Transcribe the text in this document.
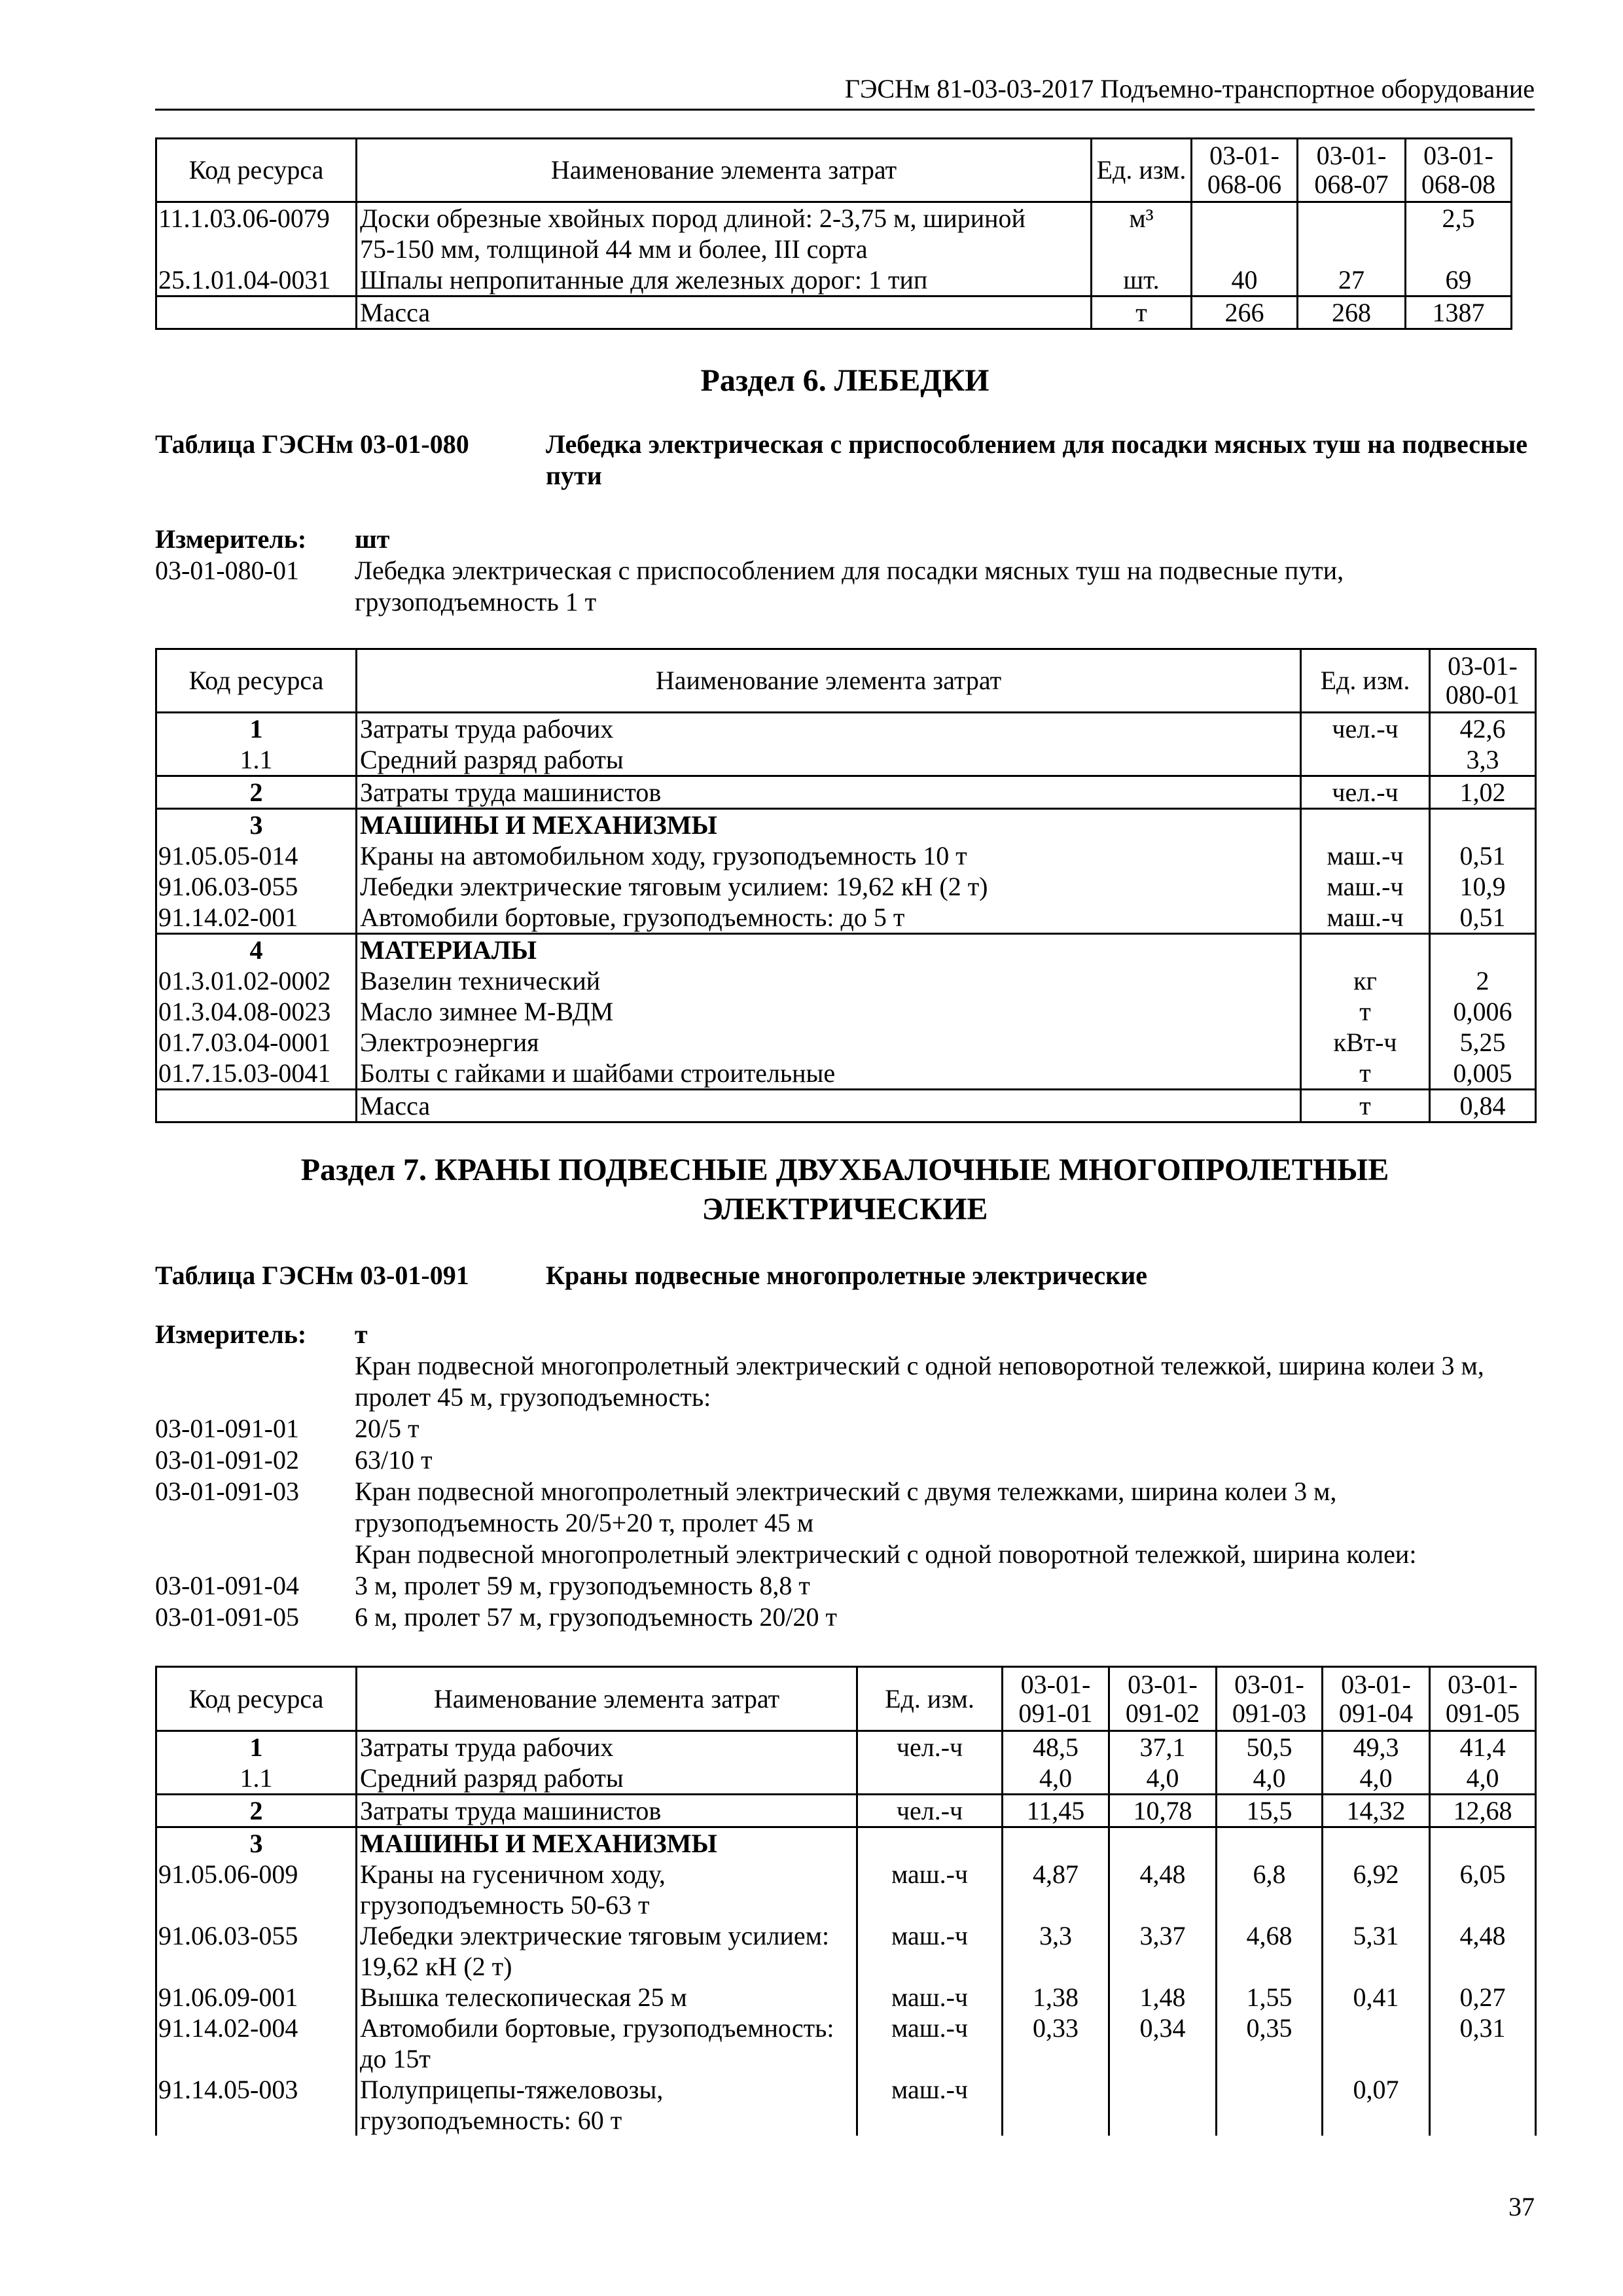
ГЭСНм 81-03-03-2017 Подъемно-транспортное оборудование
Код ресурса	Наименование элемента затрат	Ед. изм.	03-01-068-06	03-01-068-07	03-01-068-08
11.1.03.06-0079	Доски обрезные хвойных пород длиной: 2-3,75 м, шириной	м³			2,5
	75-150 мм, толщиной 44 мм и более, III сорта				
25.1.01.04-0031	Шпалы непропитанные для железных дорог: 1 тип	шт.	40	27	69
	Масса	т	266	268	1387
Раздел 6. ЛЕБЕДКИ
Таблица ГЭСНм 03-01-080	Лебедка электрическая с приспособлением для посадки мясных туш на подвесные пути
Измеритель: шт
03-01-080-01 Лебедка электрическая с приспособлением для посадки мясных туш на подвесные пути, грузоподъемность 1 т
Код ресурса	Наименование элемента затрат	Ед. изм.	03-01-080-01
1	Затраты труда рабочих	чел.-ч	42,6
1.1	Средний разряд работы		3,3
2	Затраты труда машинистов	чел.-ч	1,02
3	МАШИНЫ И МЕХАНИЗМЫ		
91.05.05-014	Краны на автомобильном ходу, грузоподъемность 10 т	маш.-ч	0,51
91.06.03-055	Лебедки электрические тяговым усилием: 19,62 кН (2 т)	маш.-ч	10,9
91.14.02-001	Автомобили бортовые, грузоподъемность: до 5 т	маш.-ч	0,51
4	МАТЕРИАЛЫ		
01.3.01.02-0002	Вазелин технический	кг	2
01.3.04.08-0023	Масло зимнее М-ВДМ	т	0,006
01.7.03.04-0001	Электроэнергия	кВт-ч	5,25
01.7.15.03-0041	Болты с гайками и шайбами строительные	т	0,005
	Масса	т	0,84
Раздел 7. КРАНЫ ПОДВЕСНЫЕ ДВУХБАЛОЧНЫЕ МНОГОПРОЛЕТНЫЕ
ЭЛЕКТРИЧЕСКИЕ
Таблица ГЭСНм 03-01-091	Краны подвесные многопролетные электрические
Измеритель: т
Кран подвесной многопролетный электрический с одной неповоротной тележкой, ширина колеи 3 м, пролет 45 м, грузоподъемность:
03-01-091-01 20/5 т
03-01-091-02 63/10 т
03-01-091-03 Кран подвесной многопролетный электрический с двумя тележками, ширина колеи 3 м, грузоподъемность 20/5+20 т, пролет 45 м
Кран подвесной многопролетный электрический с одной поворотной тележкой, ширина колеи:
03-01-091-04 3 м, пролет 59 м, грузоподъемность 8,8 т
03-01-091-05 6 м, пролет 57 м, грузоподъемность 20/20 т
Код ресурса	Наименование элемента затрат	Ед. изм.	03-01-091-01	03-01-091-02	03-01-091-03	03-01-091-04	03-01-091-05
1	Затраты труда рабочих	чел.-ч	48,5	37,1	50,5	49,3	41,4
1.1	Средний разряд работы		4,0	4,0	4,0	4,0	4,0
2	Затраты труда машинистов	чел.-ч	11,45	10,78	15,5	14,32	12,68
3	МАШИНЫ И МЕХАНИЗМЫ						
91.05.06-009	Краны на гусеничном ходу, грузоподъемность 50-63 т	маш.-ч	4,87	4,48	6,8	6,92	6,05
91.06.03-055	Лебедки электрические тяговым усилием: 19,62 кН (2 т)	маш.-ч	3,3	3,37	4,68	5,31	4,48
91.06.09-001	Вышка телескопическая 25 м	маш.-ч	1,38	1,48	1,55	0,41	0,27
91.14.02-004	Автомобили бортовые, грузоподъемность: до 15т	маш.-ч	0,33	0,34	0,35		0,31
91.14.05-003	Полуприцепы-тяжеловозы, грузоподъемность: 60 т	маш.-ч				0,07	
37
